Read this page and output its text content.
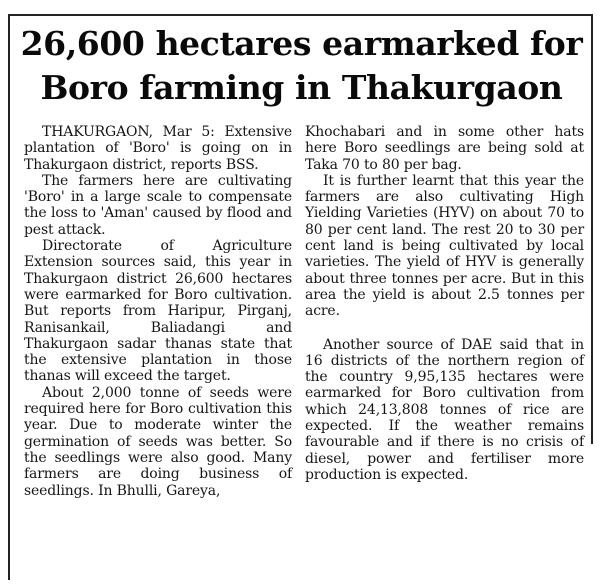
26,600 hectares earmarked for Boro farming in Thakurgaon

THAKURGAON, Mar 5: Extensive plantation of 'Boro' is going on in Thakurgaon district, reports BSS.

The farmers here are cultivating 'Boro' in a large scale to compensate the loss to 'Aman' caused by flood and pest attack.

Directorate of Agriculture Extension sources said, this year in Thakurgaon district 26,600 hectares were earmarked for Boro cultivation. But reports from Haripur, Pirganj, Ranisankail, Baliadangi and Thakurgaon sadar thanas state that the extensive plantation in those thanas will exceed the target.

About 2,000 tonne of seeds were required here for Boro cultivation this year. Due to moderate winter the germination of seeds was better. So the seedlings were also good. Many farmers are doing business of seedlings. In Bhulli, Gareya,

Khochabari and in some other hats here Boro seedlings are being sold at Taka 70 to 80 per bag.

It is further learnt that this year the farmers are also cultivating High Yielding Varieties (HYV) on about 70 to 80 per cent land. The rest 20 to 30 per cent land is being cultivated by local varieties. The yield of HYV is generally about three tonnes per acre. But in this area the yield is about 2.5 tonnes per acre.

Another source of DAE said that in 16 districts of the northern region of the country 9,95,135 hectares were earmarked for Boro cultivation from which 24,13,808 tonnes of rice are expected. If the weather remains favourable and if there is no crisis of diesel, power and fertiliser more production is expected.
